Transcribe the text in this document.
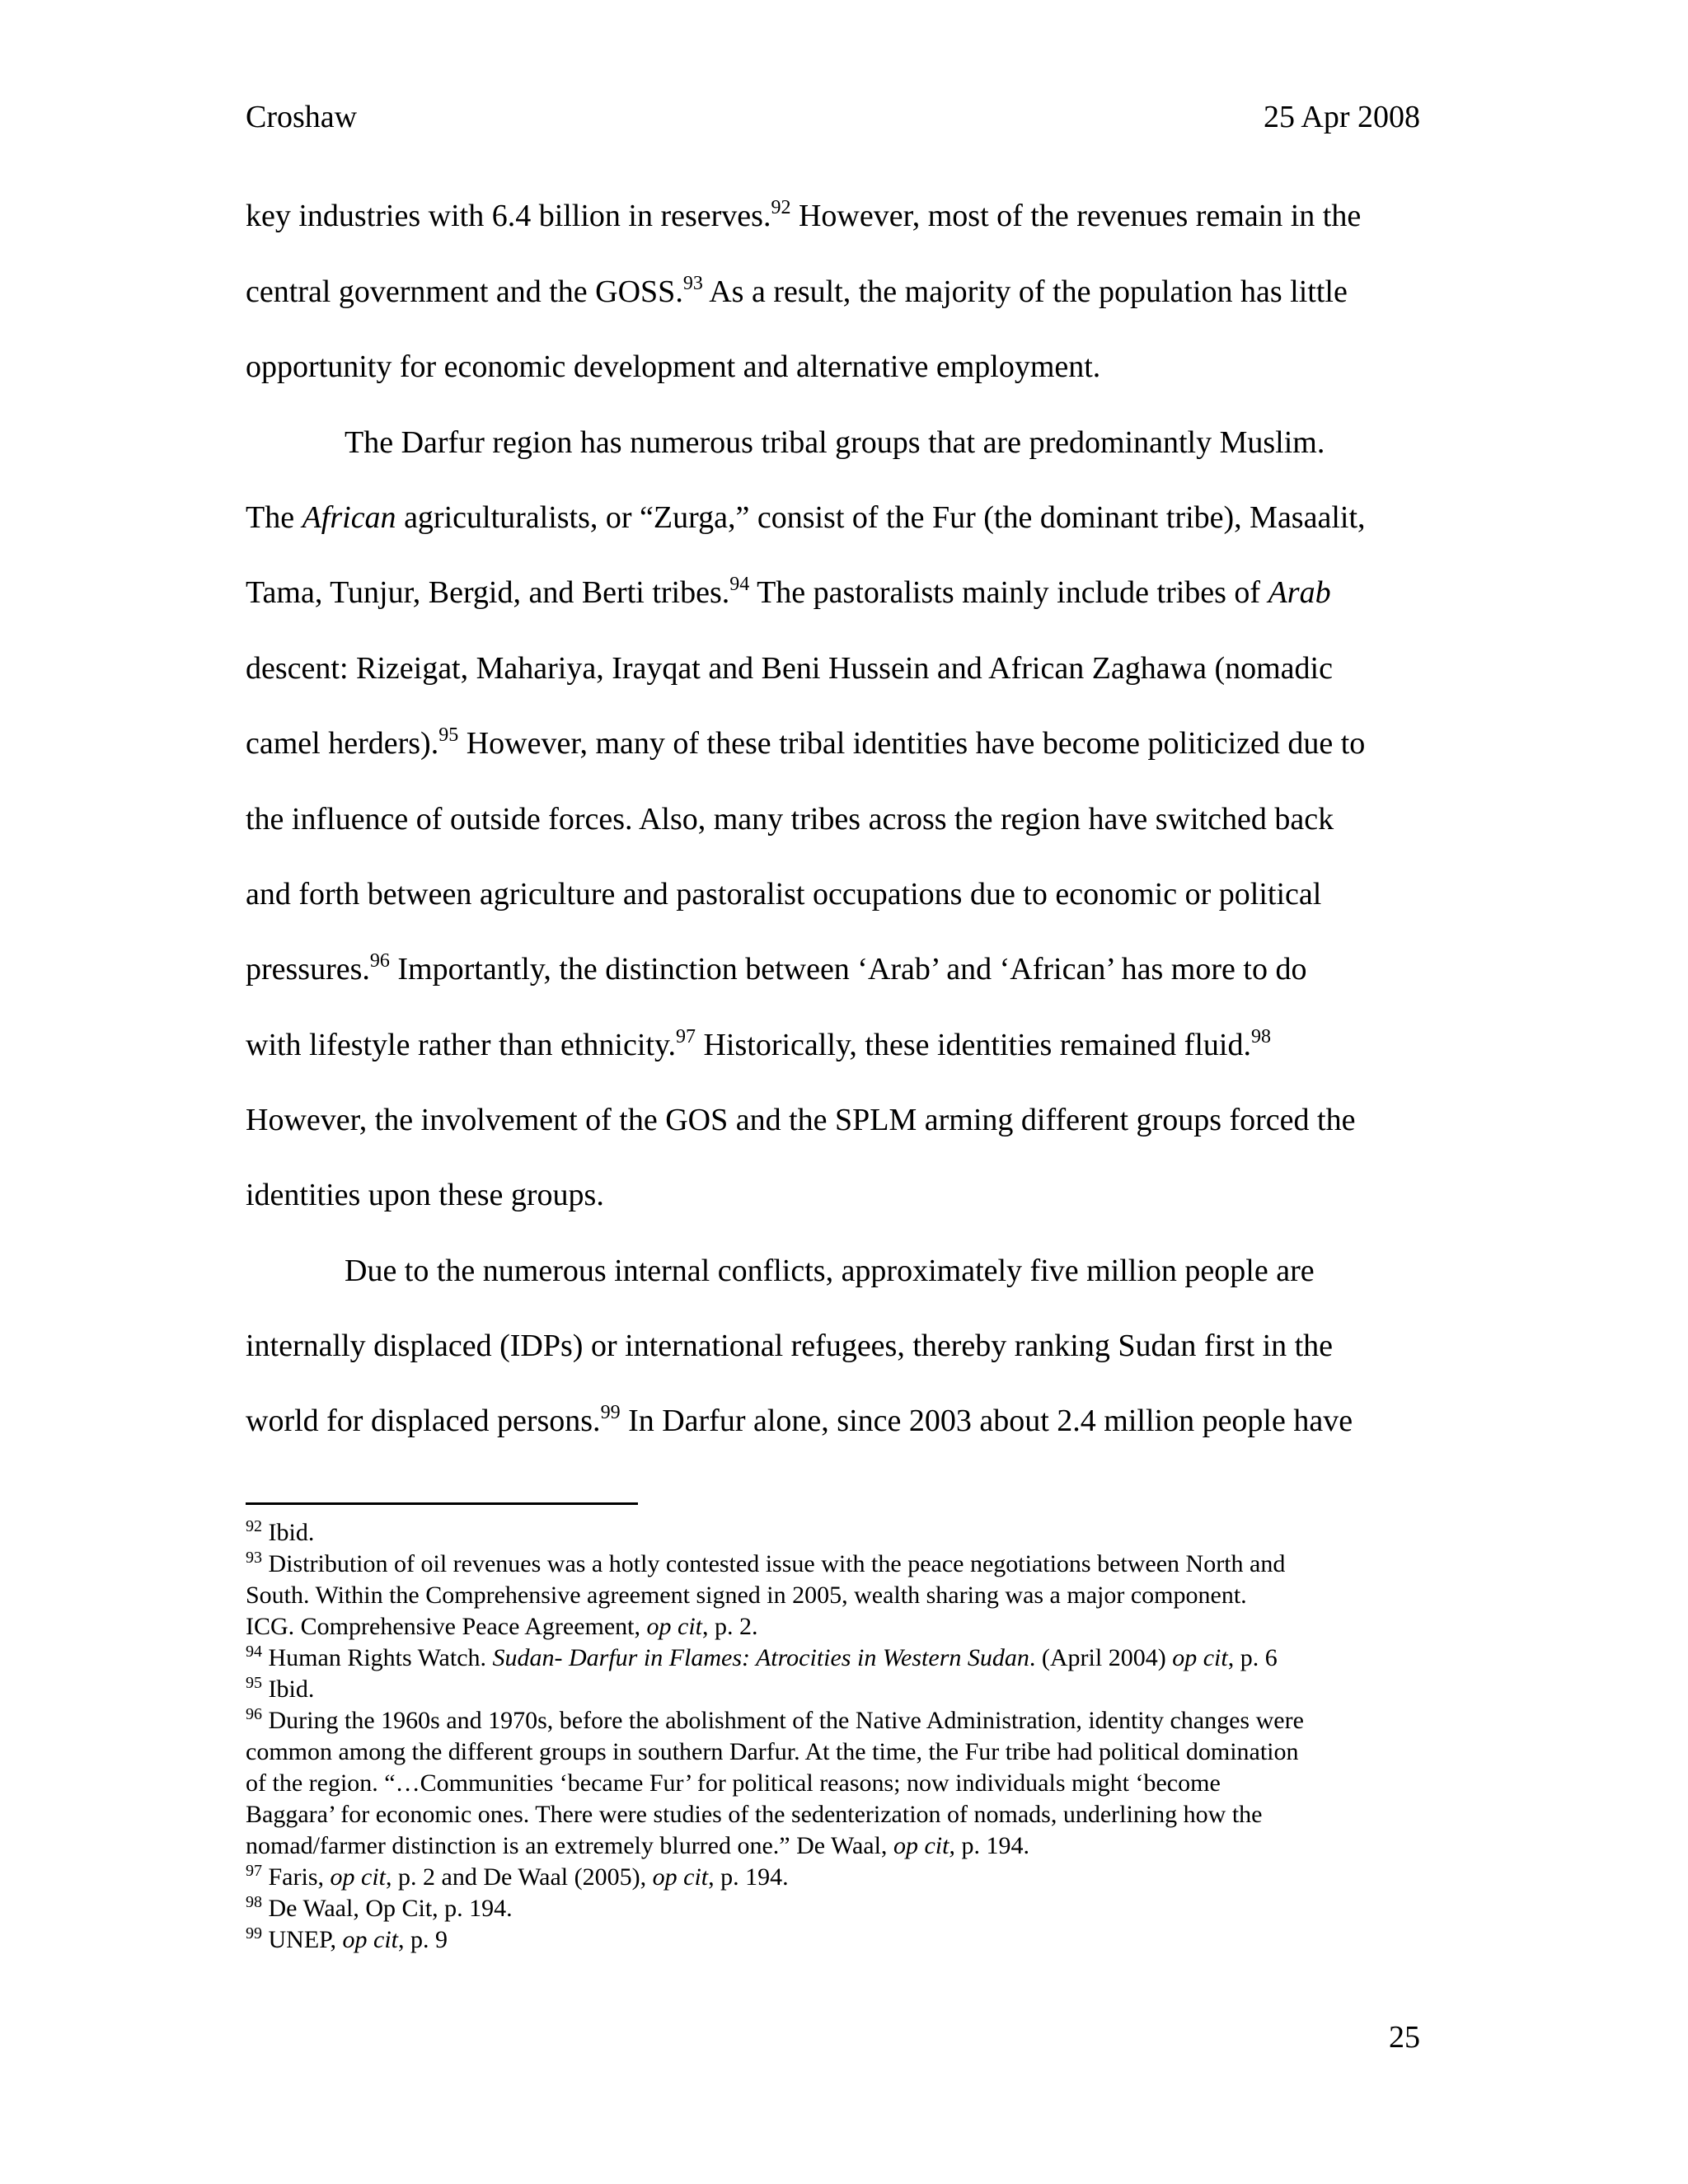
Croshaw	25 Apr 2008
key industries with 6.4 billion in reserves.$^{92}$ However, most of the revenues remain in the
central government and the GOSS.$^{93}$ As a result, the majority of the population has little
opportunity for economic development and alternative employment.
The Darfur region has numerous tribal groups that are predominantly Muslim.
The African agriculturalists, or “Zurga,” consist of the Fur (the dominant tribe), Masaalit,
Tama, Tunjur, Bergid, and Berti tribes.$^{94}$ The pastoralists mainly include tribes of Arab
descent: Rizeigat, Mahariya, Irayqat and Beni Hussein and African Zaghawa (nomadic
camel herders).$^{95}$ However, many of these tribal identities have become politicized due to
the influence of outside forces. Also, many tribes across the region have switched back
and forth between agriculture and pastoralist occupations due to economic or political
pressures.$^{96}$ Importantly, the distinction between ‘Arab’ and ‘African’ has more to do
with lifestyle rather than ethnicity.$^{97}$ Historically, these identities remained fluid.$^{98}$
However, the involvement of the GOS and the SPLM arming different groups forced the
identities upon these groups.
Due to the numerous internal conflicts, approximately five million people are
internally displaced (IDPs) or international refugees, thereby ranking Sudan first in the
world for displaced persons.$^{99}$ In Darfur alone, since 2003 about 2.4 million people have
$^{92}$ Ibid.
$^{93}$ Distribution of oil revenues was a hotly contested issue with the peace negotiations between North and
South. Within the Comprehensive agreement signed in 2005, wealth sharing was a major component.
ICG. Comprehensive Peace Agreement, op cit, p. 2.
$^{94}$ Human Rights Watch. Sudan- Darfur in Flames: Atrocities in Western Sudan. (April 2004) op cit, p. 6
$^{95}$ Ibid.
$^{96}$ During the 1960s and 1970s, before the abolishment of the Native Administration, identity changes were
common among the different groups in southern Darfur. At the time, the Fur tribe had political domination
of the region. “…Communities ‘became Fur’ for political reasons; now individuals might ‘become
Baggara’ for economic ones. There were studies of the sedenterization of nomads, underlining how the
nomad/farmer distinction is an extremely blurred one.” De Waal, op cit, p. 194.
$^{97}$ Faris, op cit, p. 2 and De Waal (2005), op cit, p. 194.
$^{98}$ De Waal, Op Cit, p. 194.
$^{99}$ UNEP, op cit, p. 9
25
